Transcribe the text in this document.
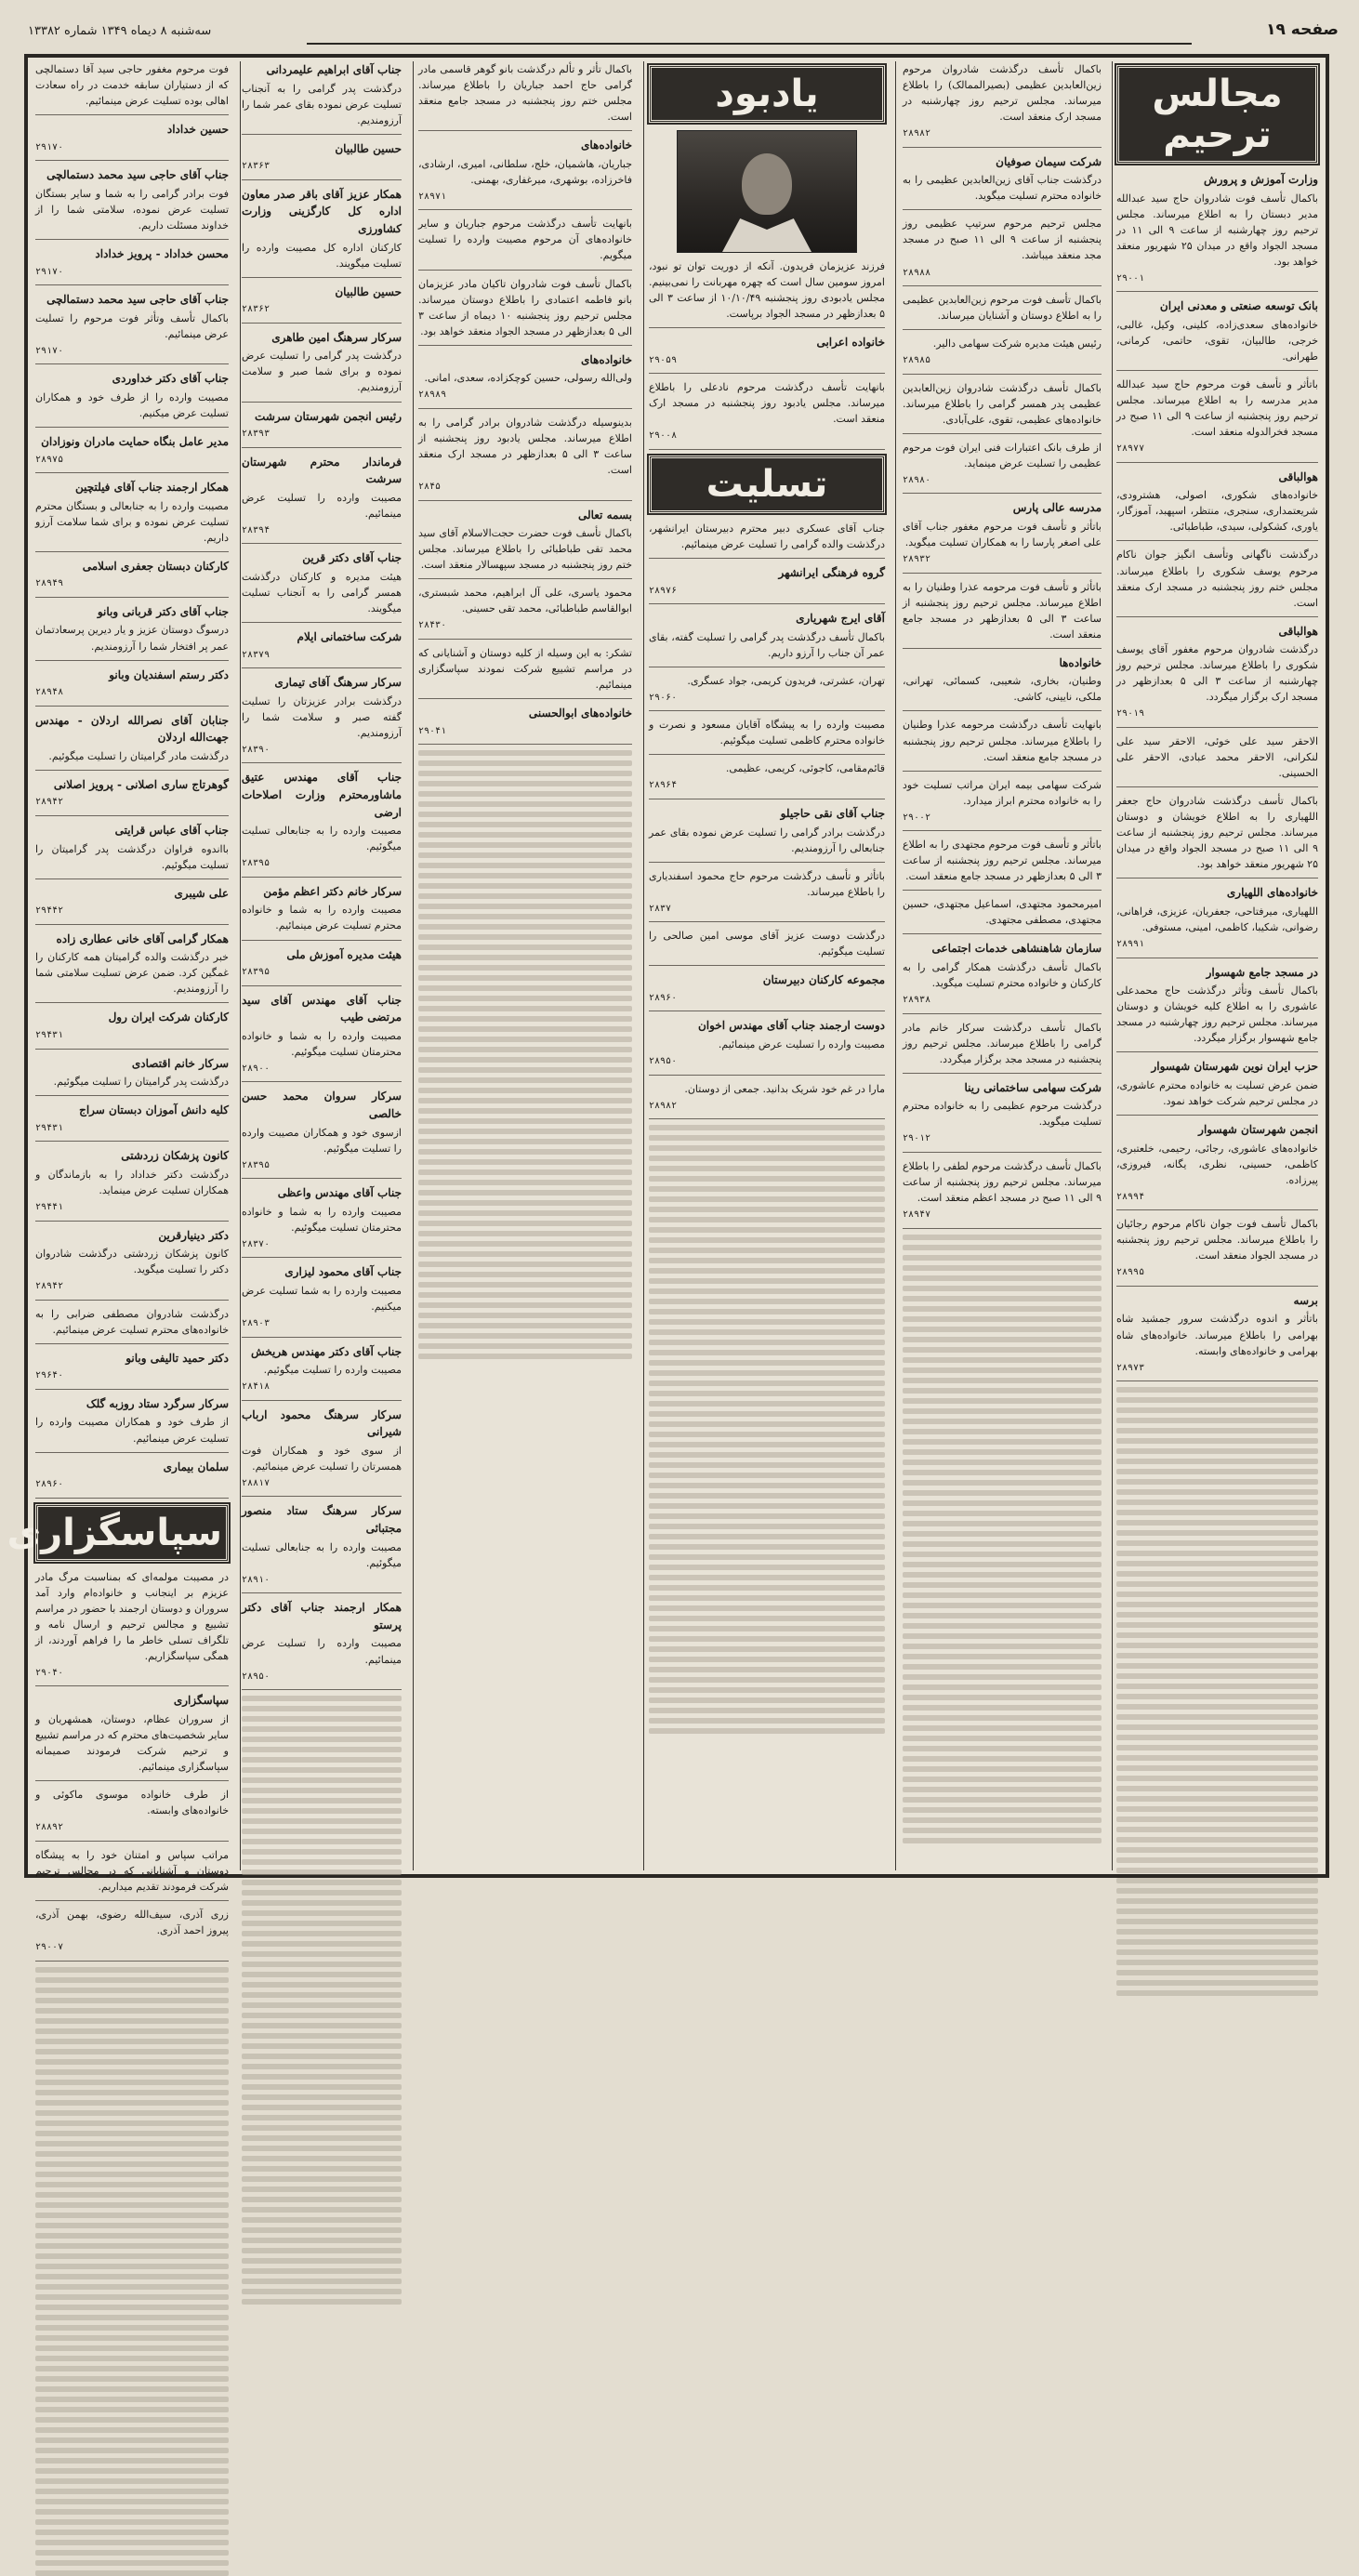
صفحه ۱۹
سه‌شنبه ۸ دیماه ۱۳۴۹ شماره ۱۳۳۸۲
مجالس ترحیم

وزارت آموزش و پرورش

باکمال تأسف فوت شادروان حاج سید عبدالله مدیر دبستان را به اطلاع میرساند. مجلس ترحیم روز چهارشنبه از ساعت ۹ الی ۱۱ در مسجد الجواد واقع در میدان ۲۵ شهریور منعقد خواهد بود.

۲۹۰۰۱

بانک توسعه صنعتی و معدنی ایران

خانواده‌های سعدی‌زاده، کلینی، وکیل، غالبی، خرجی، طالبیان، تقوی، حاتمی، کرمانی، طهرانی.

باتأثر و تأسف فوت مرحوم حاج سید عبدالله مدیر مدرسه را به اطلاع میرساند. مجلس ترحیم روز پنجشنبه از ساعت ۹ الی ۱۱ صبح در مسجد فخرالدوله منعقد است.

۲۸۹۷۷

هوالباقی

خانواده‌های شکوری، اصولی، هشترودی، شریعتمداری، سنجری، منتظر، اسپهبد، آموزگار، یاوری، کشکولی، سیدی، طباطبائی.

درگذشت ناگهانی وتأسف انگیز جوان ناکام مرحوم یوسف شکوری را باطلاع میرساند. مجلس ختم روز پنجشنبه در مسجد ارک منعقد است.

هوالباقی

درگذشت شادروان مرحوم مغفور آقای یوسف شکوری را باطلاع میرساند. مجلس ترحیم روز چهارشنبه از ساعت ۳ الی ۵ بعدازظهر در مسجد ارک برگزار میگردد.

۲۹۰۱۹

الاحقر سید علی خوئی، الاحقر سید علی لنکرانی، الاحقر محمد عبادی، الاحقر علی الحسینی.

باکمال تأسف درگذشت شادروان حاج جعفر اللهیاری را به اطلاع خویشان و دوستان میرساند. مجلس ترحیم روز پنجشنبه از ساعت ۹ الی ۱۱ صبح در مسجد الجواد واقع در میدان ۲۵ شهریور منعقد خواهد بود.

خانواده‌های اللهیاری

اللهیاری، میرفتاحی، جعفریان، عزیزی، فراهانی، رضوانی، شکیبا، کاظمی، امینی، مستوفی.

۲۸۹۹۱

در مسجد جامع شهسوار

باکمال تأسف وتأثر درگذشت حاج محمدعلی عاشوری را به اطلاع کلیه خویشان و دوستان میرساند. مجلس ترحیم روز چهارشنبه در مسجد جامع شهسوار برگزار میگردد.

حزب ایران نوین شهرستان شهسوار

ضمن عرض تسلیت به خانواده محترم عاشوری، در مجلس ترحیم شرکت خواهد نمود.

انجمن شهرستان شهسوار

خانواده‌های عاشوری، رجائی، رحیمی، خلعتبری، کاظمی، حسینی، نظری، یگانه، فیروزی، پیرزاده.

۲۸۹۹۴

باکمال تأسف فوت جوان ناکام مرحوم رجائیان را باطلاع میرساند. مجلس ترحیم روز پنجشنبه در مسجد الجواد منعقد است.

۲۸۹۹۵

برسه

باتأثر و اندوه درگذشت سرور جمشید شاه بهرامی را باطلاع میرساند. خانواده‌های شاه بهرامی و خانواده‌های وابسته.

۲۸۹۷۳

باکمال تأسف درگذشت شادروان مرحوم زین‌العابدین عظیمی (بصیرالممالک) را باطلاع میرساند. مجلس ترحیم روز چهارشنبه در مسجد ارک منعقد است.

۲۸۹۸۲

شرکت سیمان صوفیان

درگذشت جناب آقای زین‌العابدین عظیمی را به خانواده محترم تسلیت میگوید.

مجلس ترحیم مرحوم سرتیپ عظیمی روز پنجشنبه از ساعت ۹ الی ۱۱ صبح در مسجد مجد منعقد میباشد.

۲۸۹۸۸

باکمال تأسف فوت مرحوم زین‌العابدین عظیمی را به اطلاع دوستان و آشنایان میرساند.

رئیس هیئت مدیره شرکت سهامی دالیر.

۲۸۹۸۵

باکمال تأسف درگذشت شادروان زین‌العابدین عظیمی پدر همسر گرامی را باطلاع میرساند. خانواده‌های عظیمی، تقوی، علی‌آبادی.

از طرف بانک اعتبارات فنی ایران فوت مرحوم عظیمی را تسلیت عرض مینماید.

۲۸۹۸۰

مدرسه عالی پارس

باتأثر و تأسف فوت مرحوم مغفور جناب آقای علی اصغر پارسا را به همکاران تسلیت میگوید.

۲۸۹۳۲

باتأثر و تأسف فوت مرحومه عذرا وطنیان را به اطلاع میرساند. مجلس ترحیم روز پنجشنبه از ساعت ۳ الی ۵ بعدازظهر در مسجد جامع منعقد است.

خانواده‌ها

وطنیان، بخاری، شعیبی، کسمائی، تهرانی، ملکی، نایینی، کاشی.

بانهایت تأسف درگذشت مرحومه عذرا وطنیان را باطلاع میرساند. مجلس ترحیم روز پنجشنبه در مسجد جامع منعقد است.

شرکت سهامی بیمه ایران مراتب تسلیت خود را به خانواده محترم ابراز میدارد.

۲۹۰۰۲

باتأثر و تأسف فوت مرحوم مجتهدی را به اطلاع میرساند. مجلس ترحیم روز پنجشنبه از ساعت ۳ الی ۵ بعدازظهر در مسجد جامع منعقد است.

امیرمحمود مجتهدی، اسماعیل مجتهدی، حسین مجتهدی، مصطفی مجتهدی.

سازمان شاهنشاهی خدمات اجتماعی

باکمال تأسف درگذشت همکار گرامی را به کارکنان و خانواده محترم تسلیت میگوید.

۲۸۹۳۸

باکمال تأسف درگذشت سرکار خانم مادر گرامی را باطلاع میرساند. مجلس ترحیم روز پنجشنبه در مسجد مجد برگزار میگردد.

شرکت سهامی ساختمانی رینا

درگذشت مرحوم عظیمی را به خانواده محترم تسلیت میگوید.

۲۹۰۱۲

باکمال تأسف درگذشت مرحوم لطفی را باطلاع میرساند. مجلس ترحیم روز پنجشنبه از ساعت ۹ الی ۱۱ صبح در مسجد اعظم منعقد است.

۲۸۹۴۷

یادبود

فرزند عزیزمان فریدون. آنکه از دوریت توان تو نبود، امروز سومین سال است که چهره مهربانت را نمی‌بینیم. مجلس یادبودی روز پنجشنبه ۱۰/۱۰/۴۹ از ساعت ۳ الی ۵ بعدازظهر در مسجد الجواد برپاست.

خانواده اعرابی

۲۹۰۵۹

بانهایت تأسف درگذشت مرحوم نادعلی را باطلاع میرساند. مجلس یادبود روز پنجشنبه در مسجد ارک منعقد است.

۲۹۰۰۸

تسلیت

جناب آقای عسکری دبیر محترم دبیرستان ایرانشهر، درگذشت والده گرامی را تسلیت عرض مینمائیم.

گروه فرهنگی ایرانشهر

۲۸۹۷۶

آقای ایرج شهریاری

باکمال تأسف درگذشت پدر گرامی را تسلیت گفته، بقای عمر آن جناب را آرزو داریم.

تهران، عشرتی، فریدون کریمی، جواد عسگری.

۲۹۰۶۰

مصیبت وارده را به پیشگاه آقایان مسعود و نصرت و خانواده محترم کاظمی تسلیت میگوئیم.

قائم‌مقامی، کاجوئی، کریمی، عظیمی.

۲۸۹۶۴

جناب آقای نقی حاجیلو

درگذشت برادر گرامی را تسلیت عرض نموده بقای عمر جنابعالی را آرزومندیم.

باتأثر و تأسف درگذشت مرحوم حاج محمود اسفندیاری را باطلاع میرساند.

۲۸۳۷

درگذشت دوست عزیز آقای موسی امین صالحی را تسلیت میگوئیم.

مجموعه کارکنان دبیرستان

۲۸۹۶۰

دوست ارجمند جناب آقای مهندس اخوان

مصیبت وارده را تسلیت عرض مینمائیم.

۲۸۹۵۰

مارا در غم خود شریک بدانید. جمعی از دوستان.

۲۸۹۸۲

باکمال تأثر و تألم درگذشت بانو گوهر قاسمی مادر گرامی حاج احمد جباریان را باطلاع میرساند. مجلس ختم روز پنجشنبه در مسجد جامع منعقد است.

خانواده‌های

جباریان، هاشمیان، خلج، سلطانی، امیری، ارشادی، فاخرزاده، بوشهری، میرغفاری، بهمنی.

۲۸۹۷۱

بانهایت تأسف درگذشت مرحوم جباریان و سایر خانواده‌های آن مرحوم مصیبت وارده را تسلیت میگویم.

باکمال تأسف فوت شادروان تاکیان مادر عزیزمان بانو فاطمه اعتمادی را باطلاع دوستان میرساند. مجلس ترحیم روز پنجشنبه ۱۰ دیماه از ساعت ۳ الی ۵ بعدازظهر در مسجد الجواد منعقد خواهد بود.

خانواده‌های

ولی‌الله رسولی، حسین کوچکزاده، سعدی، امانی.

۲۸۹۸۹

بدینوسیله درگذشت شادروان برادر گرامی را به اطلاع میرساند. مجلس یادبود روز پنجشنبه از ساعت ۳ الی ۵ بعدازظهر در مسجد ارک منعقد است.

۲۸۴۵

بسمه تعالی

باکمال تأسف فوت حضرت حجت‌الاسلام آقای سید محمد تقی طباطبائی را باطلاع میرساند. مجلس ختم روز پنجشنبه در مسجد سپهسالار منعقد است.

محمود یاسری، علی آل ابراهیم، محمد شبستری، ابوالقاسم طباطبائی، محمد تقی حسینی.

۲۸۴۳۰

تشکر: به این وسیله از کلیه دوستان و آشنایانی که در مراسم تشییع شرکت نمودند سپاسگزاری مینمائیم.

خانواده‌های ابوالحسنی

۲۹۰۴۱

جناب آقای ابراهیم علیمردانی

درگذشت پدر گرامی را به آنجناب تسلیت عرض نموده بقای عمر شما را آرزومندیم.

حسین طالبیان

۲۸۳۶۳

همکار عزیز آقای باقر صدر معاون اداره کل کارگزینی وزارت کشاورزی

کارکنان اداره کل مصیبت وارده را تسلیت میگویند.

حسین طالبیان

۲۸۳۶۲

سرکار سرهنگ امین طاهری

درگذشت پدر گرامی را تسلیت عرض نموده و برای شما صبر و سلامت آرزومندیم.

رئیس انجمن شهرستان سرشت

۲۸۳۹۳

فرماندار محترم شهرستان سرشت

مصیبت وارده را تسلیت عرض مینمائیم.

۲۸۳۹۴

جناب آقای دکتر قرین

هیئت مدیره و کارکنان درگذشت همسر گرامی را به آنجناب تسلیت میگویند.

شرکت ساختمانی ایلام

۲۸۳۷۹

سرکار سرهنگ آقای تیماری

درگذشت برادر عزیزتان را تسلیت گفته صبر و سلامت شما را آرزومندیم.

۲۸۳۹۰

جناب آقای مهندس عتیق ماشاورمحترم وزارت اصلاحات ارضی

مصیبت وارده را به جنابعالی تسلیت میگوئیم.

۲۸۳۹۵

سرکار خانم دکتر اعظم مؤمن

مصیبت وارده را به شما و خانواده محترم تسلیت عرض مینمائیم.

هیئت مدیره آموزش ملی

۲۸۳۹۵

جناب آقای مهندس آقای سید مرتضی طیب

مصیبت وارده را به شما و خانواده محترمتان تسلیت میگوئیم.

۲۸۹۰۰

سرکار سروان محمد حسن خالصی

ازسوی خود و همکاران مصیبت وارده را تسلیت میگوئیم.

۲۸۳۹۵

جناب آقای مهندس واعظی

مصیبت وارده را به شما و خانواده محترمتان تسلیت میگوئیم.

۲۸۳۷۰

جناب آقای محمود لیزاری

مصیبت وارده را به شما تسلیت عرض میکنیم.

۲۸۹۰۳

جناب آقای دکتر مهندس هریخش

مصیبت وارده را تسلیت میگوئیم.

۲۸۴۱۸

سرکار سرهنگ محمود ارباب شیرانی

از سوی خود و همکاران فوت همسرتان را تسلیت عرض مینمائیم.

۲۸۸۱۷

سرکار سرهنگ ستاد منصور مجتبائی

مصیبت وارده را به جنابعالی تسلیت میگوئیم.

۲۸۹۱۰

همکار ارجمند جناب آقای دکتر پرستو

مصیبت وارده را تسلیت عرض مینمائیم.

۲۸۹۵۰

فوت مرحوم مغفور حاجی سید آقا دستمالچی که از دستیاران سابقه خدمت در راه سعادت اهالی بوده تسلیت عرض مینمائیم.

حسین خداداد

۲۹۱۷۰

جناب آقای حاجی سید محمد دستمالچی

فوت برادر گرامی را به شما و سایر بستگان تسلیت عرض نموده، سلامتی شما را از خداوند مسئلت داریم.

محسن خداداد - پرویز خداداد

۲۹۱۷۰

جناب آقای حاجی سید محمد دستمالچی

باکمال تأسف وتأثر فوت مرحوم را تسلیت عرض مینمائیم.

۲۹۱۷۰

جناب آقای دکتر خداوردی

مصیبت وارده را از طرف خود و همکاران تسلیت عرض میکنیم.

مدیر عامل بنگاه حمایت مادران ونوزادان

۲۸۹۷۵

همکار ارجمند جناب آقای فیلتچین

مصیبت وارده را به جنابعالی و بستگان محترم تسلیت عرض نموده و برای شما سلامت آرزو داریم.

کارکنان دبستان جعفری اسلامی

۲۸۹۴۹

جناب آقای دکتر قربانی وبانو

درسوگ دوستان عزیز و یار دیرین پرسعادتمان عمر پر افتخار شما را آرزومندیم.

دکتر رستم اسفندیان وبانو

۲۸۹۴۸

جنابان آقای نصرالله اردلان - مهندس جهت‌الله اردلان

درگذشت مادر گرامیتان را تسلیت میگوئیم.

گوهرتاج ساری اصلانی - پرویز اصلانی

۲۸۹۴۲

جناب آقای عباس قرایتی

بااندوه فراوان درگذشت پدر گرامیتان را تسلیت میگوئیم.

علی شیبری

۲۹۴۴۲

همکار گرامی آقای خانی عطاری زاده

خبر درگذشت والده گرامیتان همه کارکنان را غمگین کرد. ضمن عرض تسلیت سلامتی شما را آرزومندیم.

کارکنان شرکت ایران رول

۲۹۴۳۱

سرکار خانم اقتصادی

درگذشت پدر گرامیتان را تسلیت میگوئیم.

کلیه دانش آموزان دبستان سراج

۲۹۴۳۱

کانون پزشکان زردشتی

درگذشت دکتر خداداد را به بازماندگان و همکاران تسلیت عرض مینماید.

۲۹۴۴۱

دکتر دینیارقرین

کانون پزشکان زردشتی درگذشت شادروان دکتر را تسلیت میگوید.

۲۸۹۴۲

درگذشت شادروان مصطفی ضرابی را به خانواده‌های محترم تسلیت عرض مینمائیم.

دکتر حمید تالیفی وبانو

۲۹۶۴۰

سرکار سرگرد ستاد روزبه گلک

از طرف خود و همکاران مصیبت وارده را تسلیت عرض مینمائیم.

سلمان بیماری

۲۸۹۶۰

سپاسگزاری

در مصیبت مولمه‌ای که بمناسبت مرگ مادر عزیزم بر اینجانب و خانواده‌ام وارد آمد سروران و دوستان ارجمند با حضور در مراسم تشییع و مجالس ترحیم و ارسال نامه و تلگراف تسلی خاطر ما را فراهم آوردند، از همگی سپاسگزاریم.

۲۹۰۴۰

سپاسگزاری

از سروران عظام، دوستان، همشهریان و سایر شخصیت‌های محترم که در مراسم تشییع و ترحیم شرکت فرمودند صمیمانه سپاسگزاری مینمائیم.

از طرف خانواده موسوی ماکوئی و خانواده‌های وابسته.

۲۸۸۹۲

مراتب سپاس و امتنان خود را به پیشگاه دوستان و آشنایانی که در مجالس ترحیم شرکت فرمودند تقدیم میداریم.

زری آذری، سیف‌الله رضوی، بهمن آذری، پیروز احمد آذری.

۲۹۰۰۷
